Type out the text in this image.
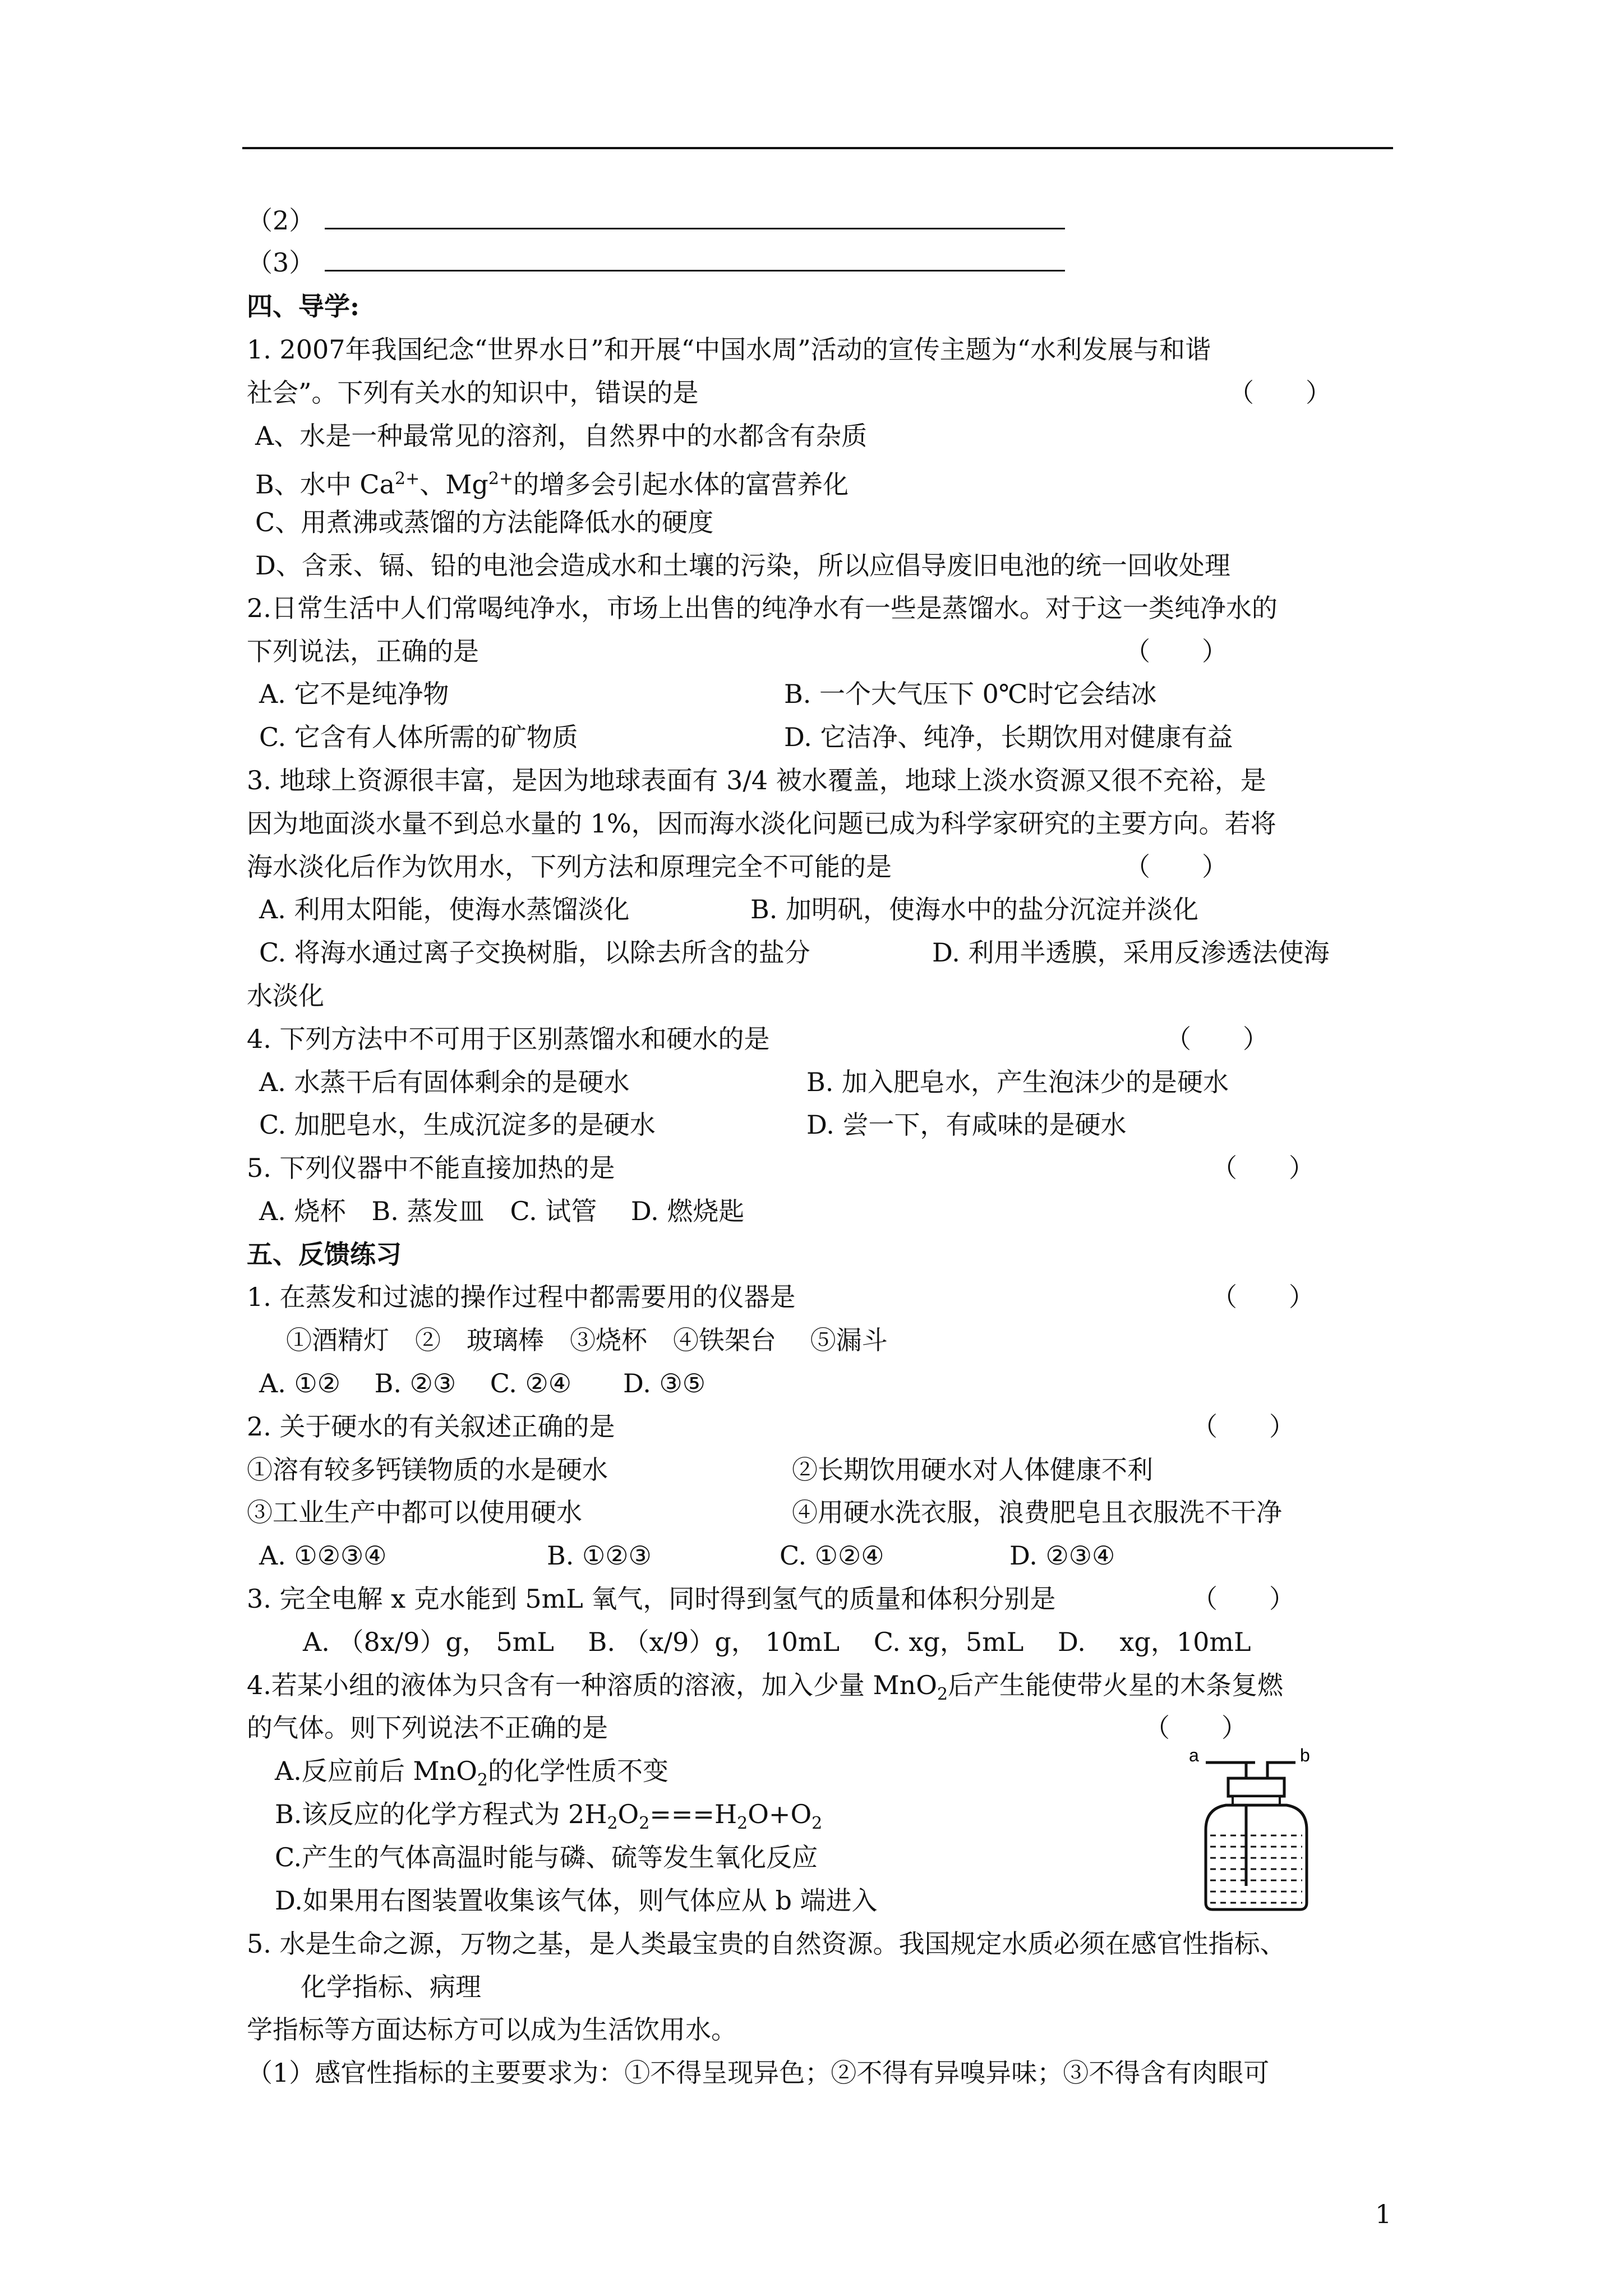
（2）
（3）
四、导学:
1. 2007年我国纪念“世界水日”和开展“中国水周”活动的宣传主题为“水利发展与和谐
社会”。下列有关水的知识中，错误的是	（　　）
A、水是一种最常见的溶剂，自然界中的水都含有杂质
B、水中 $Ca^{2+}$、$Mg^{2+}$的增多会引起水体的富营养化
C、用煮沸或蒸馏的方法能降低水的硬度
D、含汞、镉、铅的电池会造成水和土壤的污染，所以应倡导废旧电池的统一回收处理
2.日常生活中人们常喝纯净水，市场上出售的纯净水有一些是蒸馏水。对于这一类纯净水的
下列说法，正确的是	（　　）
A. 它不是纯净物	B. 一个大气压下 0℃时它会结冰
C. 它含有人体所需的矿物质	D. 它洁净、纯净，长期饮用对健康有益
3. 地球上资源很丰富，是因为地球表面有 3/4 被水覆盖，地球上淡水资源又很不充裕，是
因为地面淡水量不到总水量的 1%，因而海水淡化问题已成为科学家研究的主要方向。若将
海水淡化后作为饮用水，下列方法和原理完全不可能的是	（　　）
A. 利用太阳能，使海水蒸馏淡化	B. 加明矾，使海水中的盐分沉淀并淡化
C. 将海水通过离子交换树脂，以除去所含的盐分	D. 利用半透膜，采用反渗透法使海
水淡化
4. 下列方法中不可用于区别蒸馏水和硬水的是	（　　）
A. 水蒸干后有固体剩余的是硬水	B. 加入肥皂水，产生泡沫少的是硬水
C. 加肥皂水，生成沉淀多的是硬水	D. 尝一下，有咸味的是硬水
5. 下列仪器中不能直接加热的是	（　　）
A. 烧杯　B. 蒸发皿　C. 试管　 D. 燃烧匙
五、反馈练习
1. 在蒸发和过滤的操作过程中都需要用的仪器是	（　　）
①酒精灯　②　玻璃棒　③烧杯　④铁架台　 ⑤漏斗
A. ①②　 B. ②③　 C. ②④　　D. ③⑤
2. 关于硬水的有关叙述正确的是	（　　）
①溶有较多钙镁物质的水是硬水	②长期饮用硬水对人体健康不利
③工业生产中都可以使用硬水	④用硬水洗衣服，浪费肥皂且衣服洗不干净
A. ①②③④	B. ①②③	C. ①②④	D. ②③④
3. 完全电解 x 克水能到 5mL 氧气，同时得到氢气的质量和体积分别是	（　　）
A. （8x/9）g， 5mL　 B. （x/9）g， 10mL　 C. xg，5mL　 D.　 xg，10mL
4.若某小组的液体为只含有一种溶质的溶液，加入少量 MnO$_2$后产生能使带火星的木条复燃
的气体。则下列说法不正确的是	（　　）
A.反应前后 MnO$_2$的化学性质不变
B.该反应的化学方程式为 $2H_2O_2===H_2O+O_2$
C.产生的气体高温时能与磷、硫等发生氧化反应
D.如果用右图装置收集该气体，则气体应从 b 端进入
a	b
5. 水是生命之源，万物之基，是人类最宝贵的自然资源。我国规定水质必须在感官性指标、
化学指标、病理
学指标等方面达标方可以成为生活饮用水。
（1）感官性指标的主要要求为：①不得呈现异色；②不得有异嗅异味；③不得含有肉眼可
1
